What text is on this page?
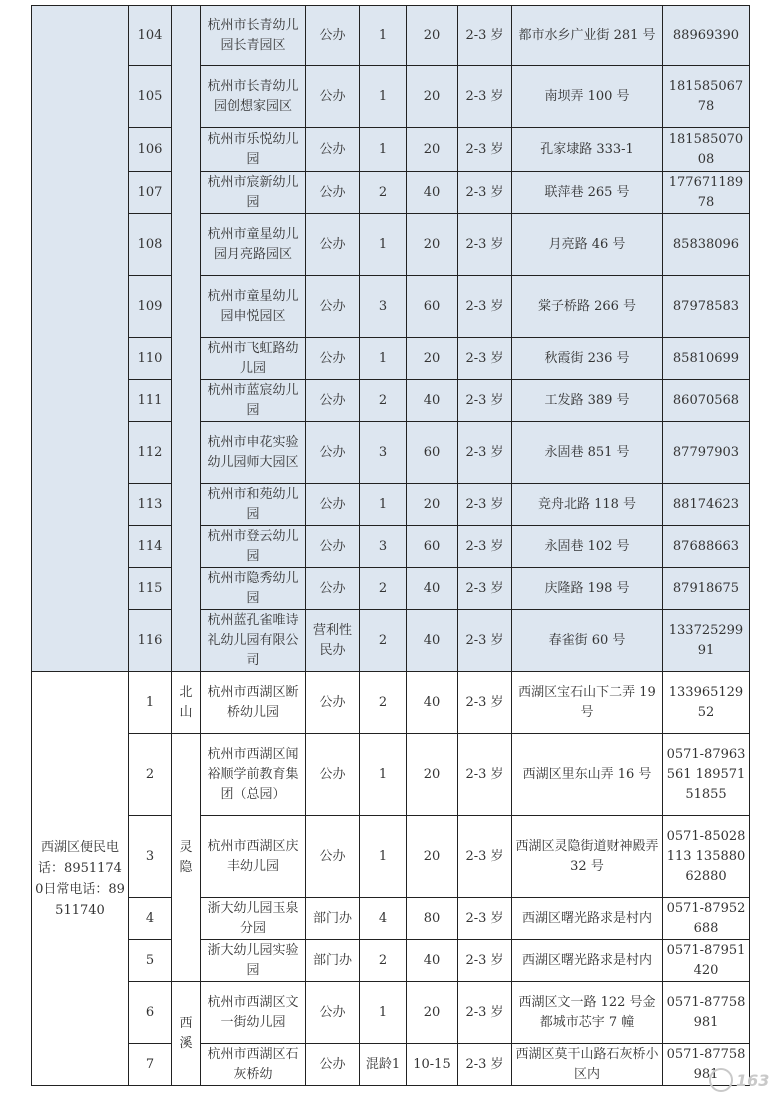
	104		杭州市长青幼儿园长青园区	公办	1	20	2-3 岁	都市水乡广业街 281 号	88969390
	105		杭州市长青幼儿园创想家园区	公办	1	20	2-3 岁	南坝弄 100 号	18158506778
	106		杭州市乐悦幼儿园	公办	1	20	2-3 岁	孔家埭路 333-1	18158507008
	107		杭州市宸新幼儿园	公办	2	40	2-3 岁	联萍巷 265 号	17767118978
	108		杭州市童星幼儿园月亮路园区	公办	1	20	2-3 岁	月亮路 46 号	85838096
	109		杭州市童星幼儿园申悦园区	公办	3	60	2-3 岁	棠子桥路 266 号	87978583
	110		杭州市飞虹路幼儿园	公办	1	20	2-3 岁	秋霞街 236 号	85810699
	111		杭州市蓝宸幼儿园	公办	2	40	2-3 岁	工发路 389 号	86070568
	112		杭州市申花实验幼儿园师大园区	公办	3	60	2-3 岁	永固巷 851 号	87797903
	113		杭州市和苑幼儿园	公办	1	20	2-3 岁	竞舟北路 118 号	88174623
	114		杭州市登云幼儿园	公办	3	60	2-3 岁	永固巷 102 号	87688663
	115		杭州市隐秀幼儿园	公办	2	40	2-3 岁	庆隆路 198 号	87918675
	116		杭州蓝孔雀唯诗礼幼儿园有限公司	营利性民办	2	40	2-3 岁	春雀街 60 号	13372529991
西湖区便民电话：89511740日常电话：89511740	1	北山	杭州市西湖区断桥幼儿园	公办	2	40	2-3 岁	西湖区宝石山下二弄 19 号	13396512952
	2	灵隐	杭州市西湖区闻裕顺学前教育集团（总园）	公办	1	20	2-3 岁	西湖区里东山弄 16 号	0571-87963561 18957151855
	3		杭州市西湖区庆丰幼儿园	公办	1	20	2-3 岁	西湖区灵隐街道财神殿弄 32 号	0571-85028113 13588062880
	4		浙大幼儿园玉泉分园	部门办	4	80	2-3 岁	西湖区曙光路求是村内	0571-87952688
	5		浙大幼儿园实验园	部门办	2	40	2-3 岁	西湖区曙光路求是村内	0571-87951420
	6	西溪	杭州市西湖区文一街幼儿园	公办	1	20	2-3 岁	西湖区文一路 122 号金都城市芯宇 7 幢	0571-87758981
	7		杭州市西湖区石灰桥幼	公办	混龄1	10-15	2-3 岁	西湖区莫干山路石灰桥小区内	0571-87758981 163
